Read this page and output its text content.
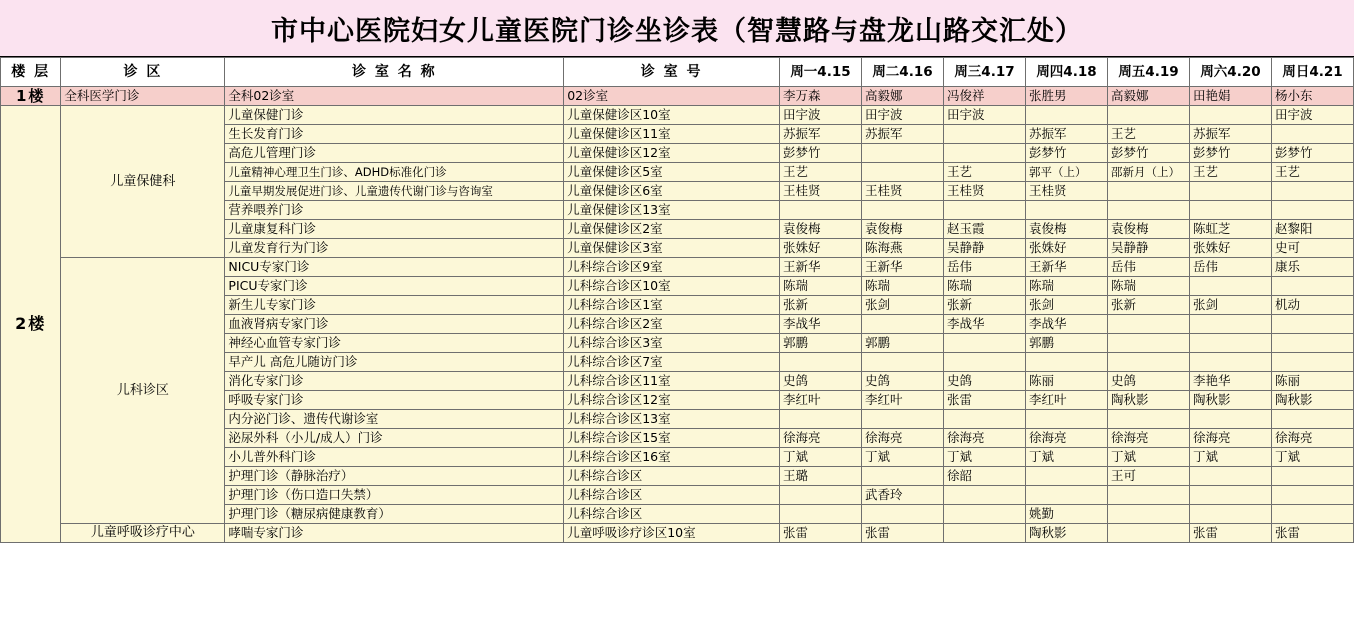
市中心医院妇女儿童医院门诊坐诊表（智慧路与盘龙山路交汇处）
楼 层	诊 区	诊 室 名 称	诊 室 号	周一4.15	周二4.16	周三4.17	周四4.18	周五4.19	周六4.20	周日4.21
1楼	全科医学门诊	全科02诊室	02诊室	李万森	高毅娜	冯俊祥	张胜男	高毅娜	田艳娟	杨小东
2楼	儿童保健科	儿童保健门诊	儿童保健诊区10室	田宇波	田宇波	田宇波				田宇波
		生长发育门诊	儿童保健诊区11室	苏振军	苏振军		苏振军	王艺	苏振军	
		高危儿管理门诊	儿童保健诊区12室	彭梦竹			彭梦竹	彭梦竹	彭梦竹	彭梦竹
		儿童精神心理卫生门诊、ADHD标准化门诊	儿童保健诊区5室	王艺		王艺	郭平（上）	邵新月（上）	王艺	王艺
		儿童早期发展促进门诊、儿童遗传代谢门诊与咨询室	儿童保健诊区6室	王桂贤	王桂贤	王桂贤	王桂贤			
		营养喂养门诊	儿童保健诊区13室							
		儿童康复科门诊	儿童保健诊区2室	袁俊梅	袁俊梅	赵玉霞	袁俊梅	袁俊梅	陈虹芝	赵黎阳
		儿童发育行为门诊	儿童保健诊区3室	张姝好	陈海燕	吴静静	张姝好	吴静静	张姝好	史可
	儿科诊区	NICU专家门诊	儿科综合诊区9室	王新华	王新华	岳伟	王新华	岳伟	岳伟	康乐
		PICU专家门诊	儿科综合诊区10室	陈瑞	陈瑞	陈瑞	陈瑞	陈瑞		
		新生儿专家门诊	儿科综合诊区1室	张新	张剑	张新	张剑	张新	张剑	机动
		血液肾病专家门诊	儿科综合诊区2室	李战华		李战华	李战华			
		神经心血管专家门诊	儿科综合诊区3室	郭鹏	郭鹏		郭鹏			
		早产儿 高危儿随访门诊	儿科综合诊区7室							
		消化专家门诊	儿科综合诊区11室	史鸽	史鸽	史鸽	陈丽	史鸽	李艳华	陈丽
		呼吸专家门诊	儿科综合诊区12室	李红叶	李红叶	张雷	李红叶	陶秋影	陶秋影	陶秋影
		内分泌门诊、遗传代谢诊室	儿科综合诊区13室							
		泌尿外科（小儿/成人）门诊	儿科综合诊区15室	徐海亮	徐海亮	徐海亮	徐海亮	徐海亮	徐海亮	徐海亮
		小儿普外科门诊	儿科综合诊区16室	丁斌	丁斌	丁斌	丁斌	丁斌	丁斌	丁斌
		护理门诊（静脉治疗）	儿科综合诊区	王璐		徐韶		王可		
		护理门诊（伤口造口失禁）	儿科综合诊区		武香玲					
		护理门诊（糖尿病健康教育）	儿科综合诊区				姚勤			
	儿童呼吸诊疗中心	哮喘专家门诊	儿童呼吸诊疗诊区10室	张雷	张雷		陶秋影		张雷	张雷
